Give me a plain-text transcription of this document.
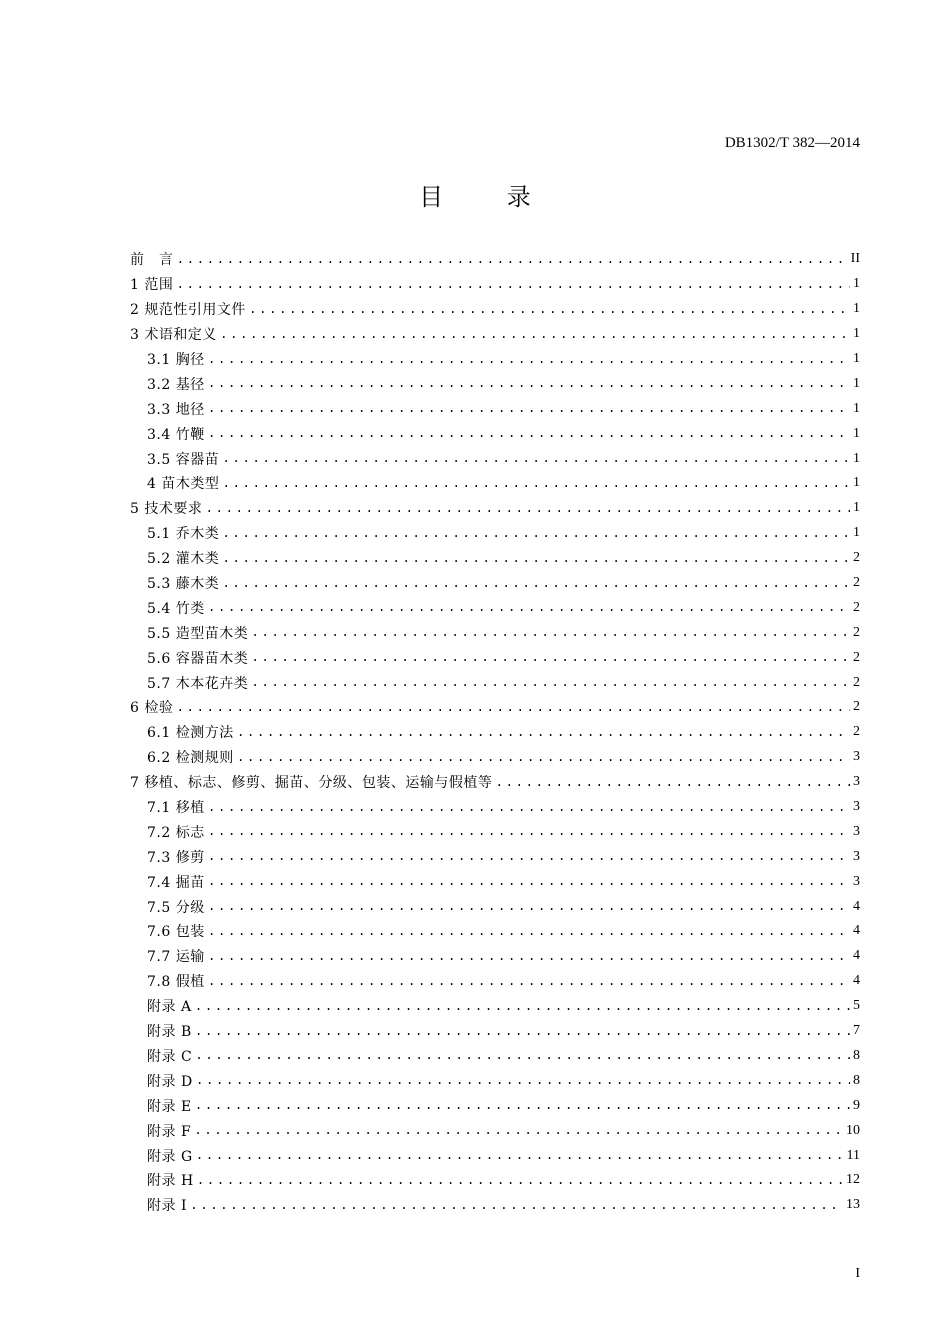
DB1302/T 382—2014
目 录
前　言 .....	II
1 范围 .....	1
2 规范性引用文件 .....	1
3 术语和定义 .....	1
3.1 胸径 .....	1
3.2 基径 .....	1
3.3 地径 .....	1
3.4 竹鞭 .....	1
3.5 容器苗 .....	1
4 苗木类型 .....	1
5 技术要求 .....	1
5.1 乔木类 .....	1
5.2 灌木类 .....	2
5.3 藤木类 .....	2
5.4 竹类 .....	2
5.5 造型苗木类 .....	2
5.6 容器苗木类 .....	2
5.7 木本花卉类 .....	2
6 检验 .....	2
6.1 检测方法 .....	2
6.2 检测规则 .....	3
7 移植、标志、修剪、掘苗、分级、包装、运输与假植等 .....	3
7.1 移植 .....	3
7.2 标志 .....	3
7.3 修剪 .....	3
7.4 掘苗 .....	3
7.5 分级 .....	4
7.6 包装 .....	4
7.7 运输 .....	4
7.8 假植 .....	4
附录 A .....	5
附录 B .....	7
附录 C .....	8
附录 D .....	8
附录 E .....	9
附录 F .....	10
附录 G .....	11
附录 H .....	12
附录 I .....	13
I
